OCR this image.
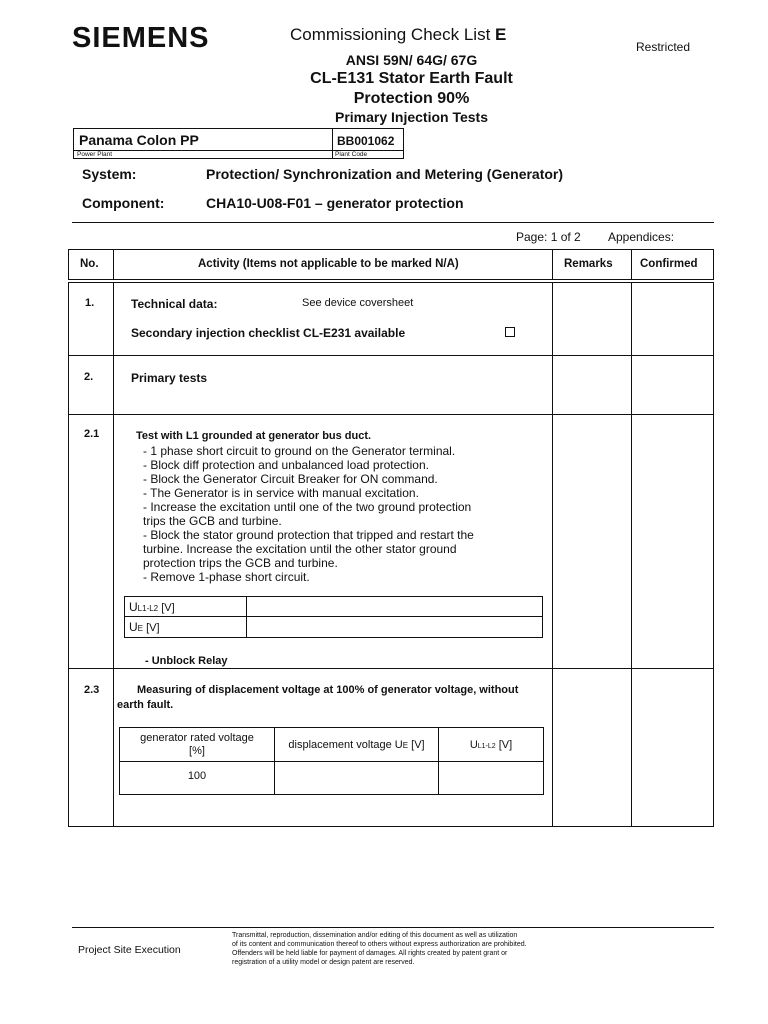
SIEMENS	Commissioning Check List E
Restricted
ANSI 59N/ 64G/ 67G
CL-E131 Stator Earth Fault
Protection 90%
Primary Injection Tests
Panama Colon PP	BB001062
Power Plant	Plant Code
System:	Protection/ Synchronization and Metering (Generator)
Component:	CHA10-U08-F01 – generator protection
Page: 1 of 2 Appendices:
No.	Activity (Items not applicable to be marked N/A)	Remarks Confirmed
1.	Technical data:	See device coversheet
Secondary injection checklist CL-E231 available
2.	Primary tests
2.1	Test with L1 grounded at generator bus duct.
- 1 phase short circuit to ground on the Generator terminal.
- Block diff protection and unbalanced load protection.
- Block the Generator Circuit Breaker for ON command.
- The Generator is in service with manual excitation.
- Increase the excitation until one of the two ground protection
trips the GCB and turbine.
- Block the stator ground protection that tripped and restart the
turbine. Increase the excitation until the other stator ground
protection trips the GCB and turbine.
- Remove 1-phase short circuit.
UL1-L2 [V]	
UE [V]	
- Unblock Relay
2.3	Measuring of displacement voltage at 100% of generator voltage, without
earth fault.
generator rated voltage
[%]	displacement voltage UE [V]	UL1-L2 [V]
100		
Project Site Execution
Transmittal, reproduction, dissemination and/or editing of this document as well as utilization
of its content and communication thereof to others without express authorization are prohibited.
Offenders will be held liable for payment of damages. All rights created by patent grant or
registration of a utility model or design patent are reserved.
